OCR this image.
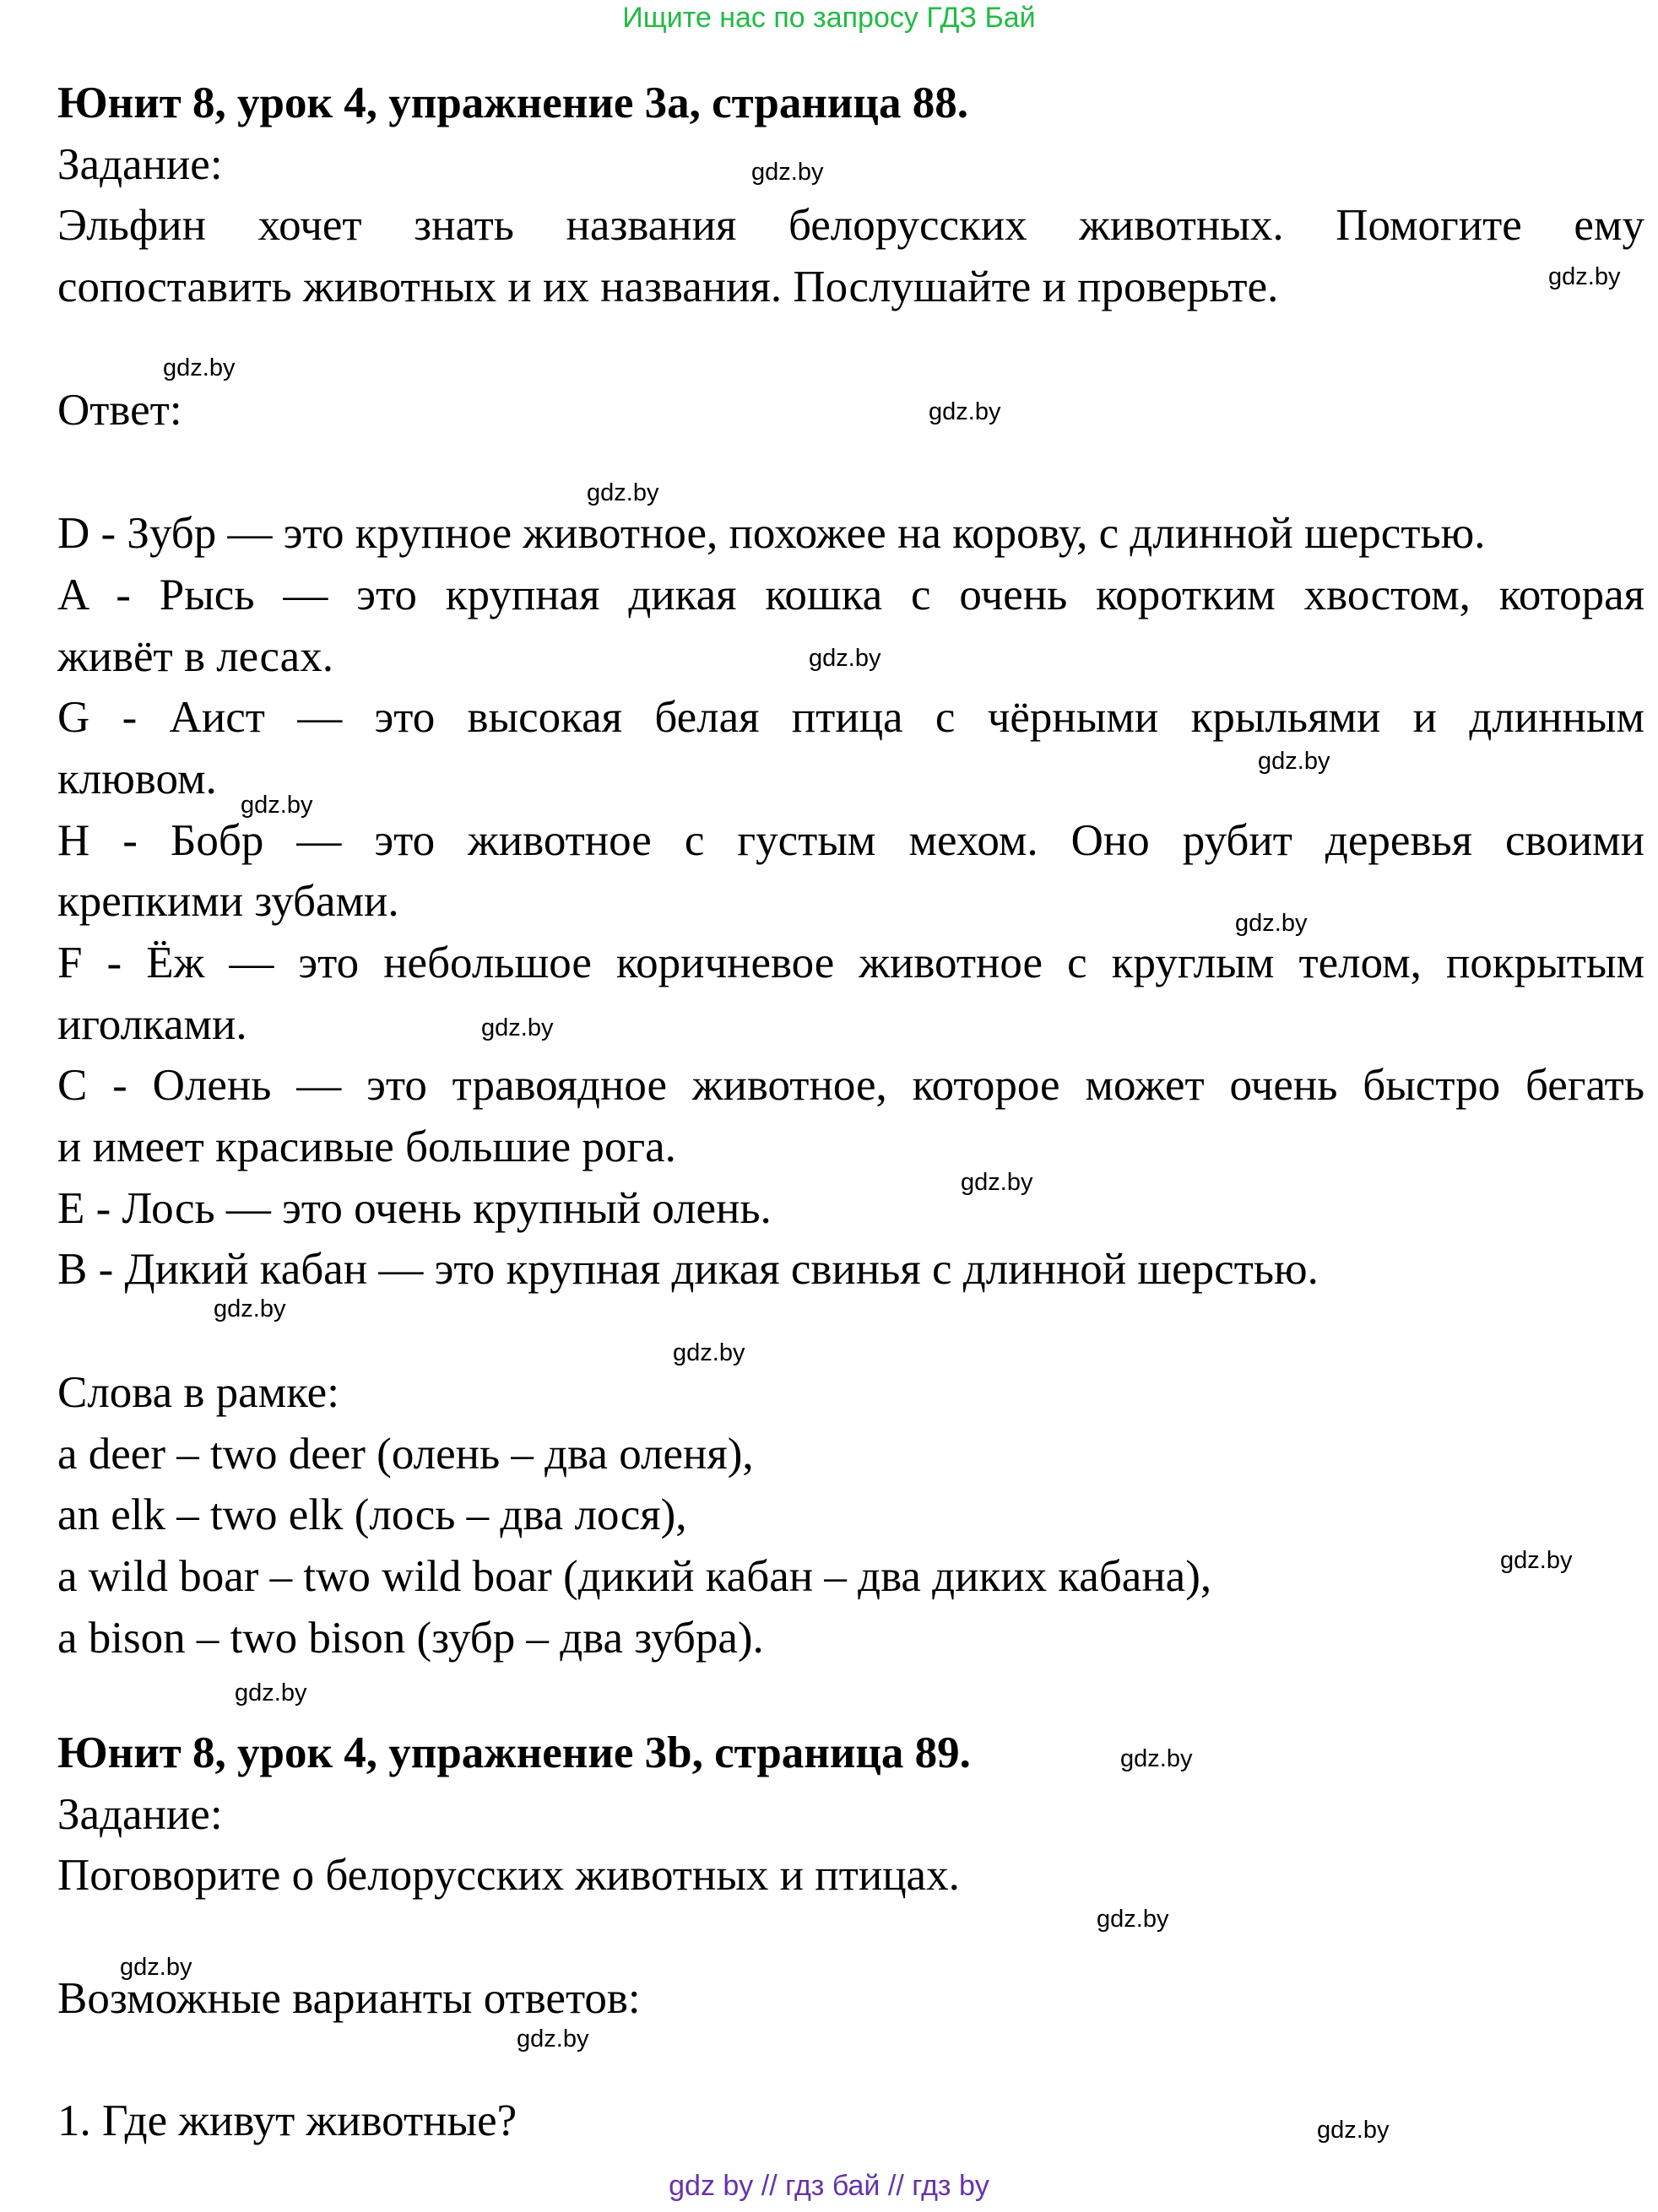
Ищите нас по запросу ГДЗ Бай
Юнит 8, урок 4, упражнение 3a, страница 88.
Задание:
Эльфин хочет знать названия белорусских животных. Помогите ему
сопоставить животных и их названия. Послушайте и проверьте.
Ответ:
D - Зубр — это крупное животное, похожее на корову, с длинной шерстью.
A - Рысь — это крупная дикая кошка с очень коротким хвостом, которая
живёт в лесах.
G - Аист — это высокая белая птица с чёрными крыльями и длинным
клювом.
H - Бобр — это животное с густым мехом. Оно рубит деревья своими
крепкими зубами.
F - Ёж — это небольшое коричневое животное с круглым телом, покрытым
иголками.
C - Олень — это травоядное животное, которое может очень быстро бегать
и имеет красивые большие рога.
E - Лось — это очень крупный олень.
B - Дикий кабан — это крупная дикая свинья с длинной шерстью.
Слова в рамке:
a deer – two deer (олень – два оленя),
an elk – two elk (лось – два лося),
a wild boar – two wild boar (дикий кабан – два диких кабана),
a bison – two bison (зубр – два зубра).
Юнит 8, урок 4, упражнение 3b, страница 89.
Задание:
Поговорите о белорусских животных и птицах.
Возможные варианты ответов:
1. Где живут животные?
gdz.by
gdz.by
gdz.by
gdz.by
gdz.by
gdz.by
gdz.by
gdz.by
gdz.by
gdz.by
gdz.by
gdz.by
gdz.by
gdz.by
gdz.by
gdz.by
gdz.by
gdz.by
gdz.by
gdz.by
gdz by // гдз бай // гдз by
